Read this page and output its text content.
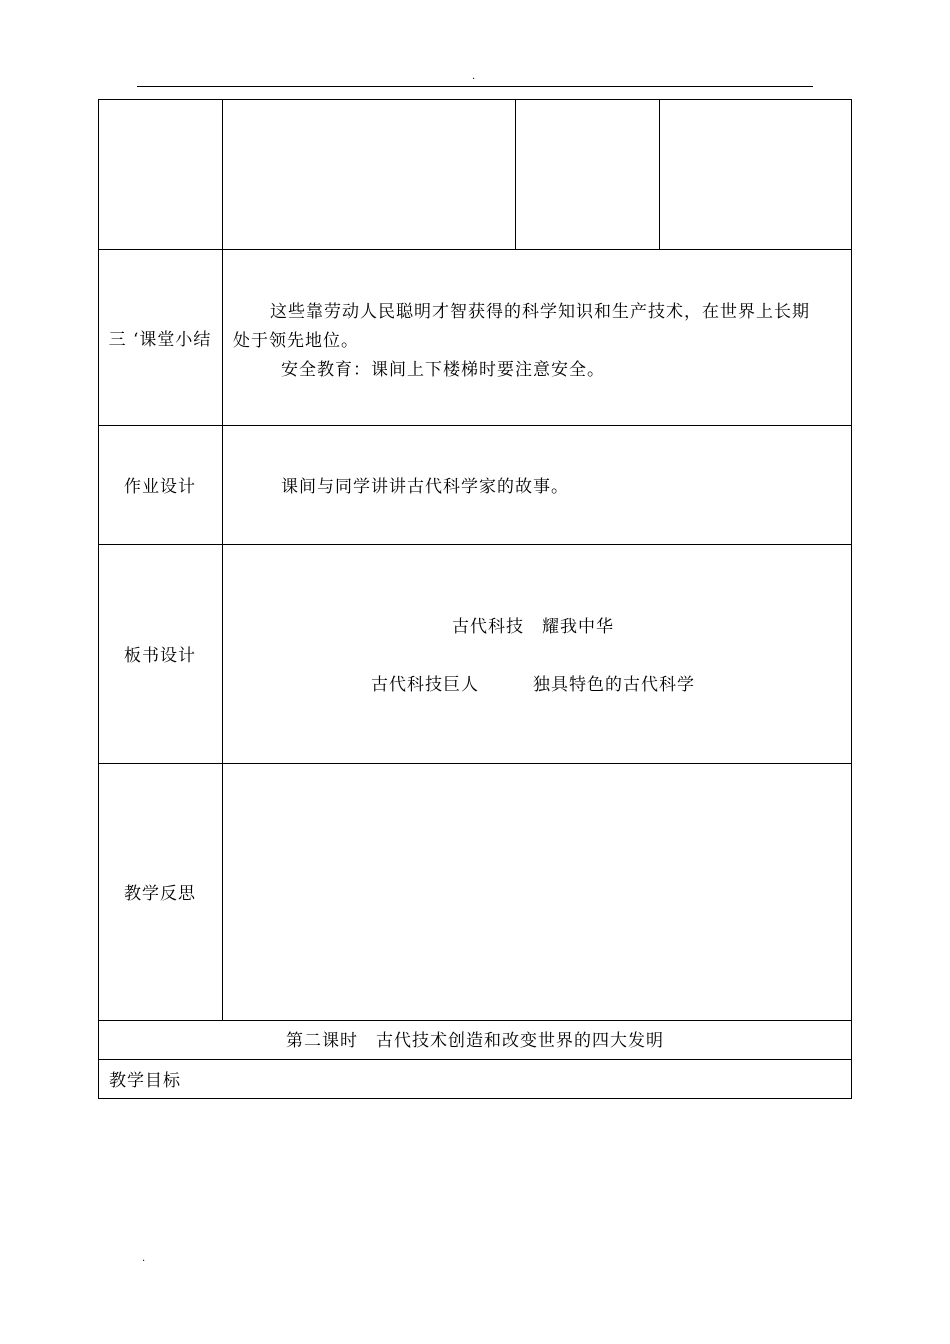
.
三 ‘课堂小结
这些靠劳动人民聪明才智获得的科学知识和生产技术，在世界上长期
处于领先地位。
安全教育：课间上下楼梯时要注意安全。
作业设计	课间与同学讲讲古代科学家的故事。
板书设计
古代科技　耀我中华
古代科技巨人	独具特色的古代科学
教学反思
第二课时　古代技术创造和改变世界的四大发明
教学目标
.
